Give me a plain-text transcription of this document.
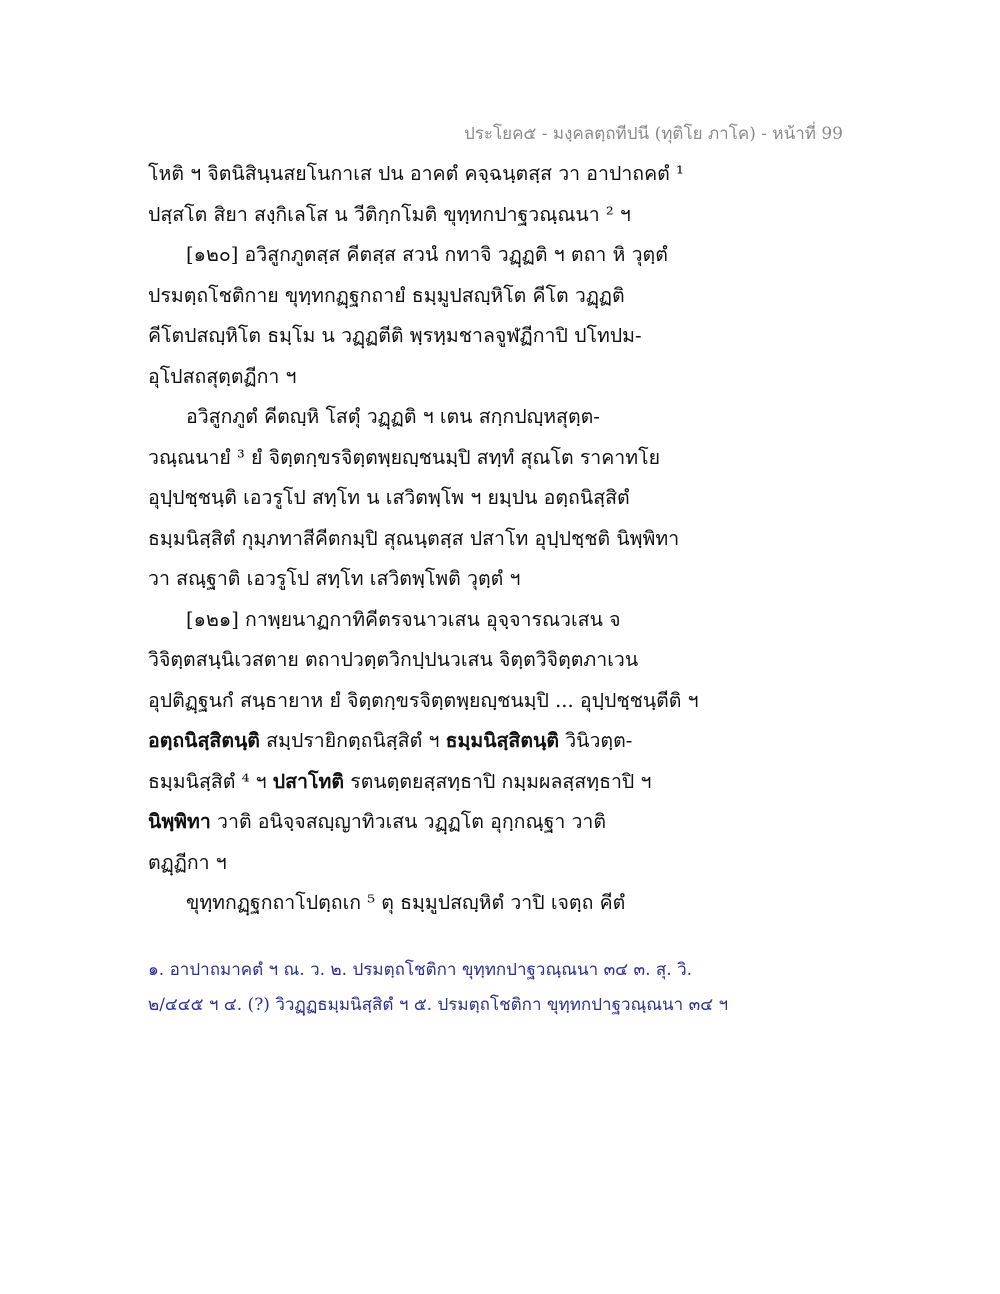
ประโยค๕ - มงฺคลตฺถทีปนี (ทุติโย ภาโค) - หน้าที่ 99
โหติ ฯ จิตนิสินฺนสยโนกาเส ปน อาคตํ คจฺฉนฺตสฺส วา อาปาถคตํ ¹
ปสฺสโต สิยา สงฺกิเลโส น วีติกฺกโมติ ขุทฺทกปาฐวณฺณนา ² ฯ
[๑๒๐] อวิสูกภูตสฺส คีตสฺส สวนํ กทาจิ วฏฺฏติ ฯ ตถา หิ วุตฺตํ
ปรมตฺถโชติกาย ขุทฺทกฏฺฐกถายํ ธมฺมูปสญฺหิโต คีโต วฏฺฏติ
คีโตปสญฺหิโต ธมฺโม น วฏฺฏตีติ พฺรหฺมชาลจูฬฏีกาปิ ปโทปม-
อุโปสถสุตฺตฏีกา ฯ
อวิสูกภูตํ คีตญฺหิ โสตุํ วฏฺฏติ ฯ เตน สกฺกปญฺหสุตฺต-
วณฺณนายํ ³ ยํ จิตฺตกฺขรจิตฺตพฺยญฺชนมฺปิ สทฺทํ สุณโต ราคาทโย
อุปฺปชฺชนฺติ เอวรูโป สทฺโท น เสวิตพฺโพ ฯ ยมฺปน อตฺถนิสฺสิตํ
ธมฺมนิสฺสิตํ กุมฺภทาสีคีตกมฺปิ สุณนฺตสฺส ปสาโท อุปฺปชฺชติ นิพฺพิทา
วา สณฺฐาติ เอวรูโป สทฺโท เสวิตพฺโพติ วุตฺตํ ฯ
[๑๒๑] กาพฺยนาฏกาทิคีตรจนาวเสน อุจฺจารณวเสน จ
วิจิตฺตสนฺนิเวสตาย ตถาปวตฺตวิกปฺปนวเสน จิตฺตวิจิตฺตภาเวน
อุปติฏฺฐนกํ สนฺธายาห ยํ จิตฺตกฺขรจิตฺตพฺยญฺชนมฺปิ ... อุปฺปชฺชนฺตีติ ฯ
อตฺถนิสฺสิตนฺติ สมฺปรายิกตฺถนิสฺสิตํ ฯ ธมฺมนิสฺสิตนฺติ วินิวตฺต-
ธมฺมนิสฺสิตํ ⁴ ฯ ปสาโทติ รตนตฺตยสฺสทฺธาปิ กมฺมผลสฺสทฺธาปิ ฯ
นิพฺพิทา วาติ อนิจฺจสญฺญาทิวเสน วฏฺฏโต อุกฺกณฺฐา วาติ
ตฏฺฏีกา ฯ
ขุทฺทกฏฺฐกถาโปตฺถเก ⁵ ตุ ธมฺมูปสญฺหิตํ วาปิ เจตฺถ คีตํ
๑. อาปาถมาคตํ ฯ ณ. ว. ๒. ปรมตฺถโชติกา ขุทฺทกปาฐวณฺณนา ๓๔ ๓. สุ. วิ.
๒/๔๔๕ ฯ ๔. (?) วิวฏฺฏธมฺมนิสฺสิตํ ฯ ๕. ปรมตฺถโชติกา ขุทฺทกปาฐวณฺณนา ๓๔ ฯ
